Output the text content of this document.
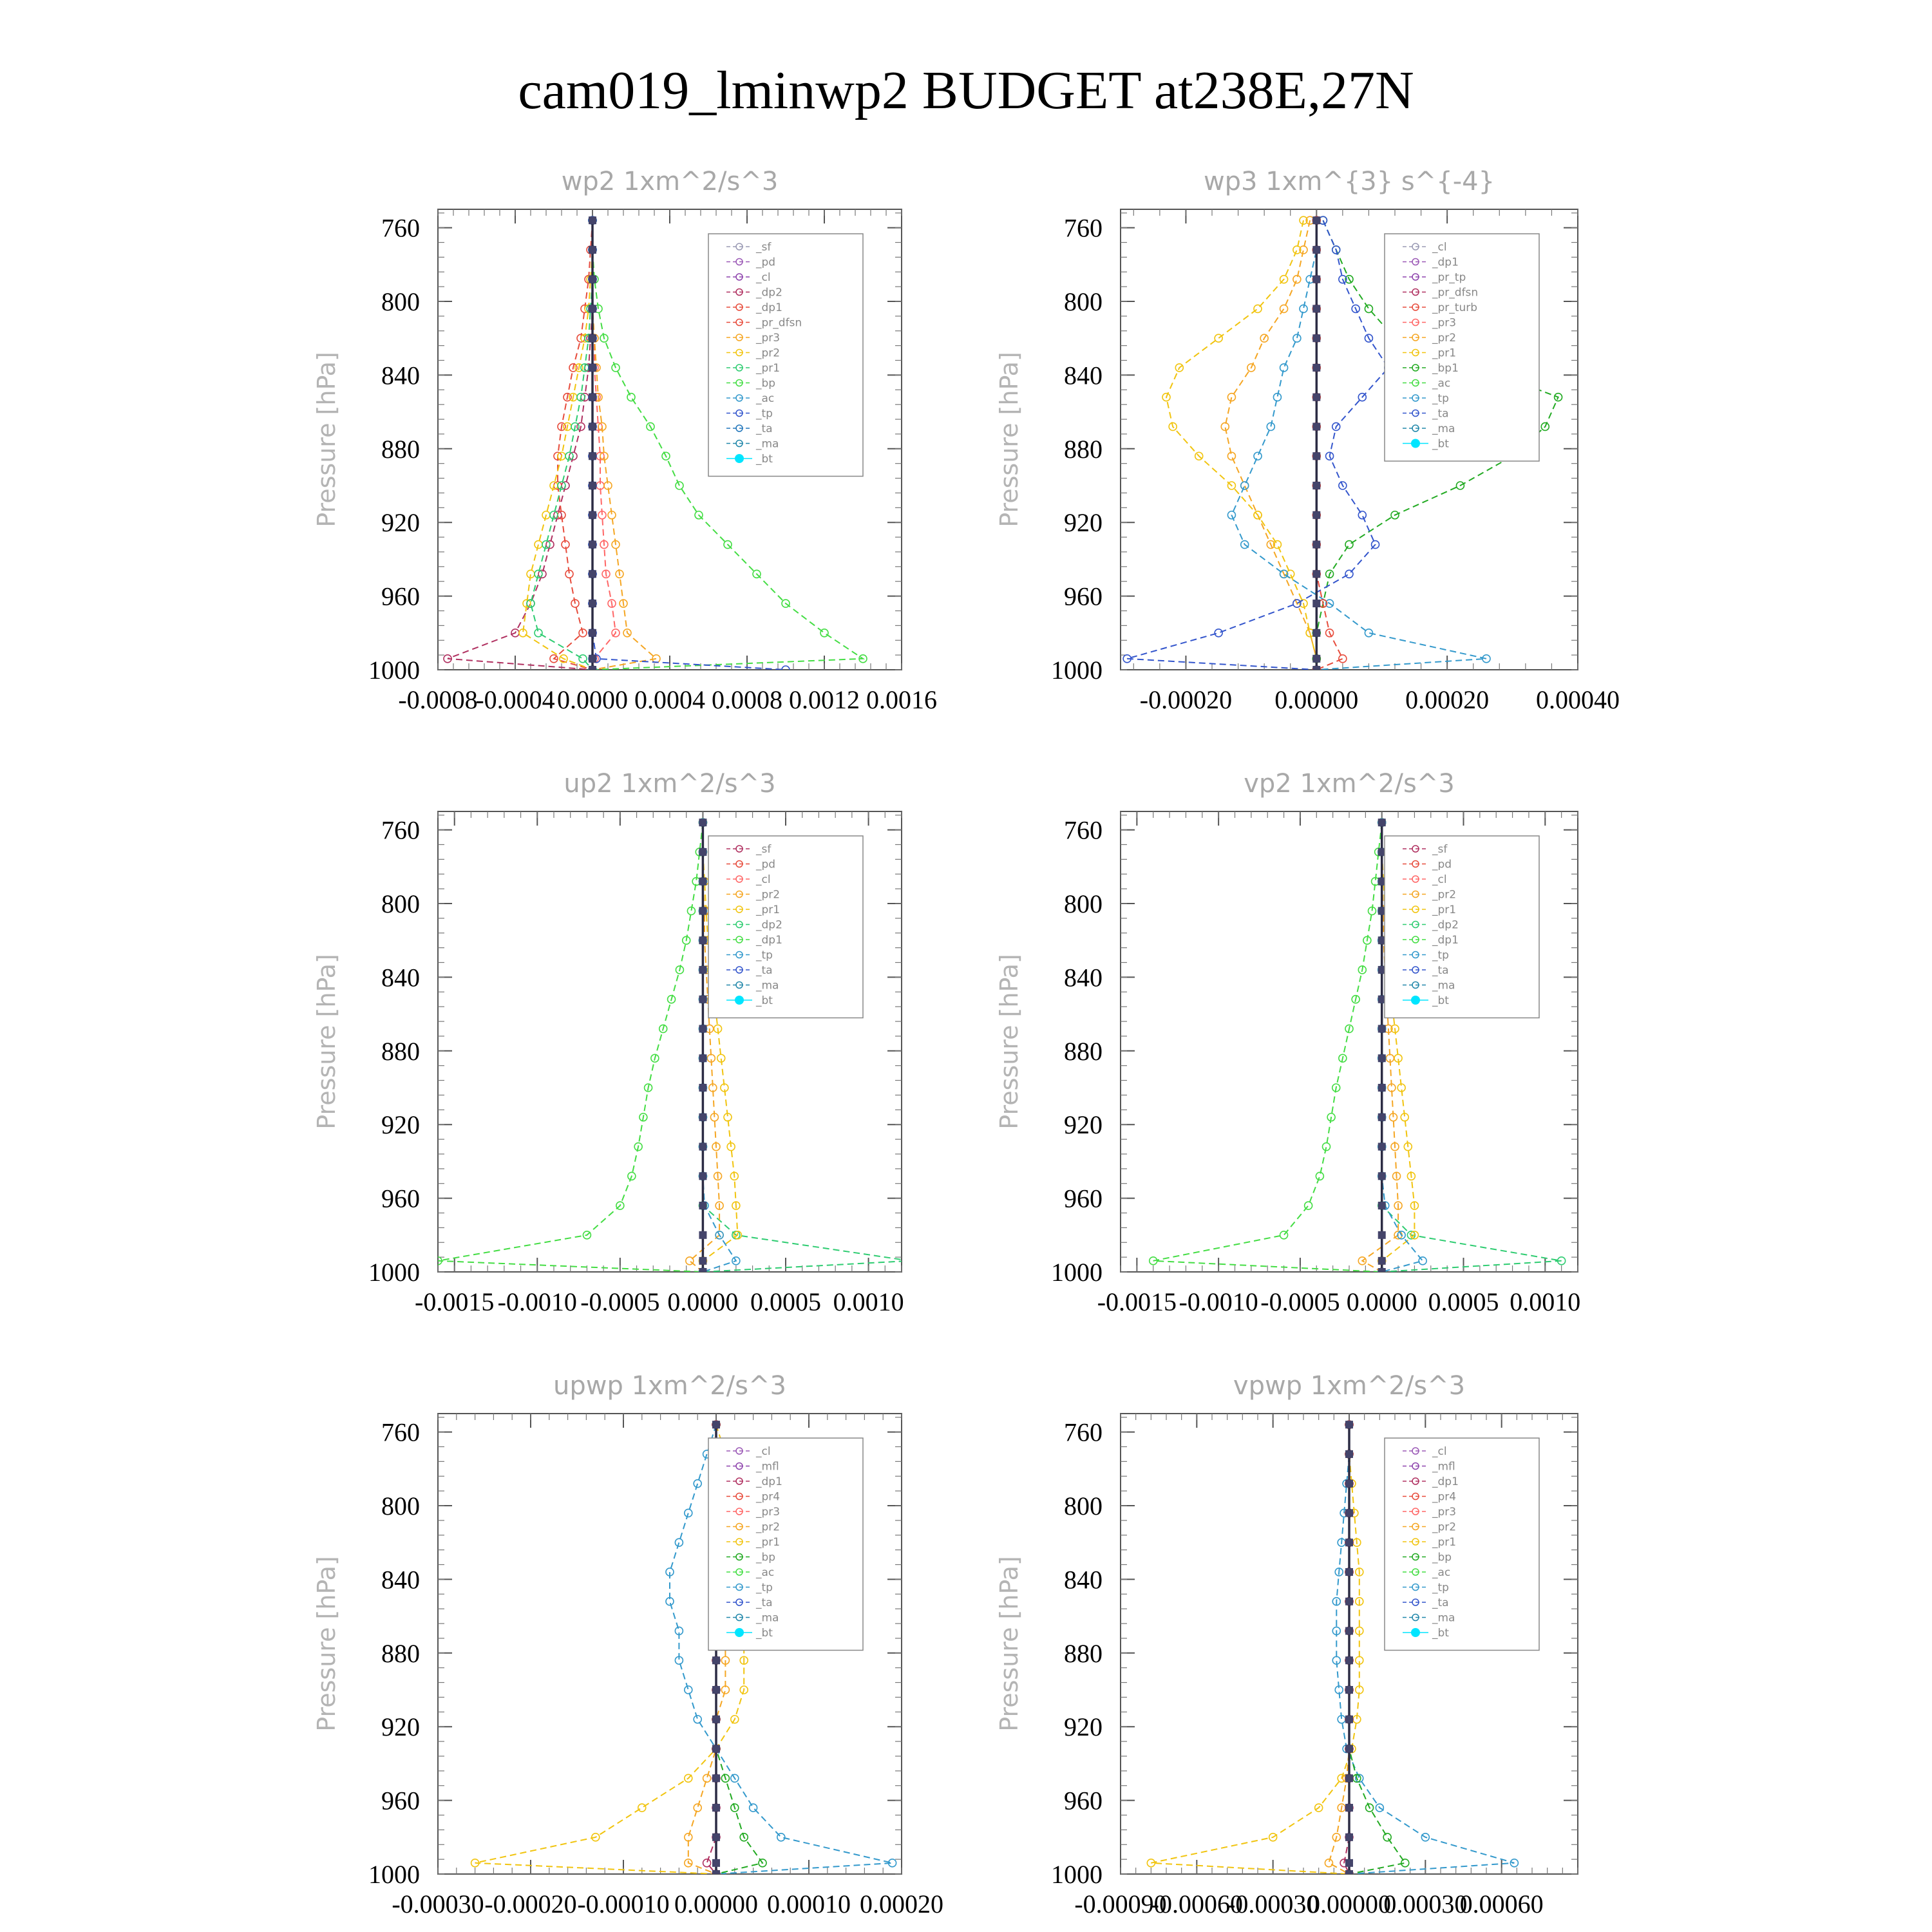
cam019_lminwp2 BUDGET at238E,27N
wp2 1xm^2/s^3
Pressure [hPa]
760
800
840
880
920
960
1000
-0.0008
-0.0004 0.0000 0.0004 0.0008 0.0012 0.0016
_sf
_pd
_cl
_dp2
_dp1
_pr_dfsn
_pr3
_pr2
_pr1
_bp
_ac
_tp
_ta
_ma
_bt
wp3 1xm^{3} s^{-4}
Pressure [hPa]
760
800
840
880
920
960
1000
-0.00020 0.00000 0.00020 0.00040
_cl
_dp1
_pr_tp
_pr_dfsn
_pr_turb
_pr3
_pr2
_pr1
_bp1
_ac
_tp
_ta
_ma
_bt
up2 1xm^2/s^3
Pressure [hPa]
760
800
840
880
920
960
1000
-0.0015 -0.0010 -0.0005 0.0000 0.0005 0.0010
_sf
_pd
_cl
_pr2
_pr1
_dp2
_dp1
_tp
_ta
_ma
_bt
vp2 1xm^2/s^3
Pressure [hPa]
760
800
840
880
920
960
1000
-0.0015 -0.0010 -0.0005 0.0000 0.0005 0.0010
_sf
_pd
_cl
_pr2
_pr1
_dp2
_dp1
_tp
_ta
_ma
_bt
upwp 1xm^2/s^3
Pressure [hPa]
760
800
840
880
920
960
1000
-0.00030 -0.00020 -0.00010 0.00000 0.00010 0.00020
_cl
_mfl
_dp1
_pr4
_pr3
_pr2
_pr1
_bp
_ac
_tp
_ta
_ma
_bt
vpwp 1xm^2/s^3
Pressure [hPa]
760
800
840
880
920
960
1000
-0.00090
-0.00060
-0.00030
0.00000
0.00030
0.00060
_cl
_mfl
_dp1
_pr4
_pr3
_pr2
_pr1
_bp
_ac
_tp
_ta
_ma
_bt
